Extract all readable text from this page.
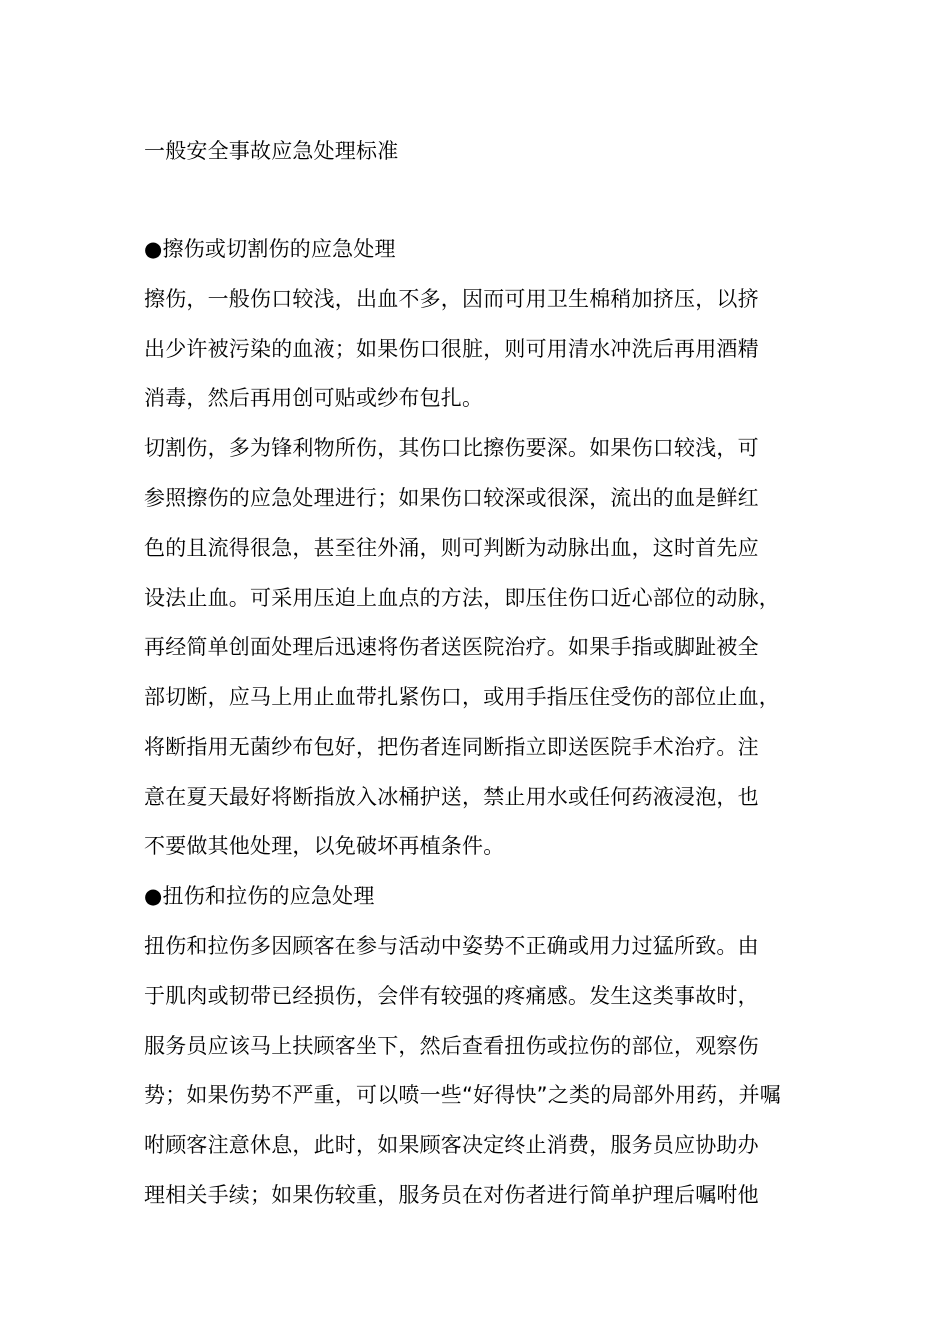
一般安全事故应急处理标准
●擦伤或切割伤的应急处理
擦伤，一般伤口较浅，出血不多，因而可用卫生棉稍加挤压，以挤
出少许被污染的血液；如果伤口很脏，则可用清水冲洗后再用酒精
消毒，然后再用创可贴或纱布包扎。
切割伤，多为锋利物所伤，其伤口比擦伤要深。如果伤口较浅，可
参照擦伤的应急处理进行；如果伤口较深或很深，流出的血是鲜红
色的且流得很急，甚至往外涌，则可判断为动脉出血，这时首先应
设法止血。可采用压迫上血点的方法，即压住伤口近心部位的动脉，
再经简单创面处理后迅速将伤者送医院治疗。如果手指或脚趾被全
部切断，应马上用止血带扎紧伤口，或用手指压住受伤的部位止血，
将断指用无菌纱布包好，把伤者连同断指立即送医院手术治疗。注
意在夏天最好将断指放入冰桶护送，禁止用水或任何药液浸泡，也
不要做其他处理，以免破坏再植条件。
●扭伤和拉伤的应急处理
扭伤和拉伤多因顾客在参与活动中姿势不正确或用力过猛所致。由
于肌肉或韧带已经损伤，会伴有较强的疼痛感。发生这类事故时，
服务员应该马上扶顾客坐下，然后查看扭伤或拉伤的部位，观察伤
势；如果伤势不严重，可以喷一些“好得快”之类的局部外用药，并嘱
咐顾客注意休息，此时，如果顾客决定终止消费，服务员应协助办
理相关手续；如果伤较重，服务员在对伤者进行简单护理后嘱咐他
